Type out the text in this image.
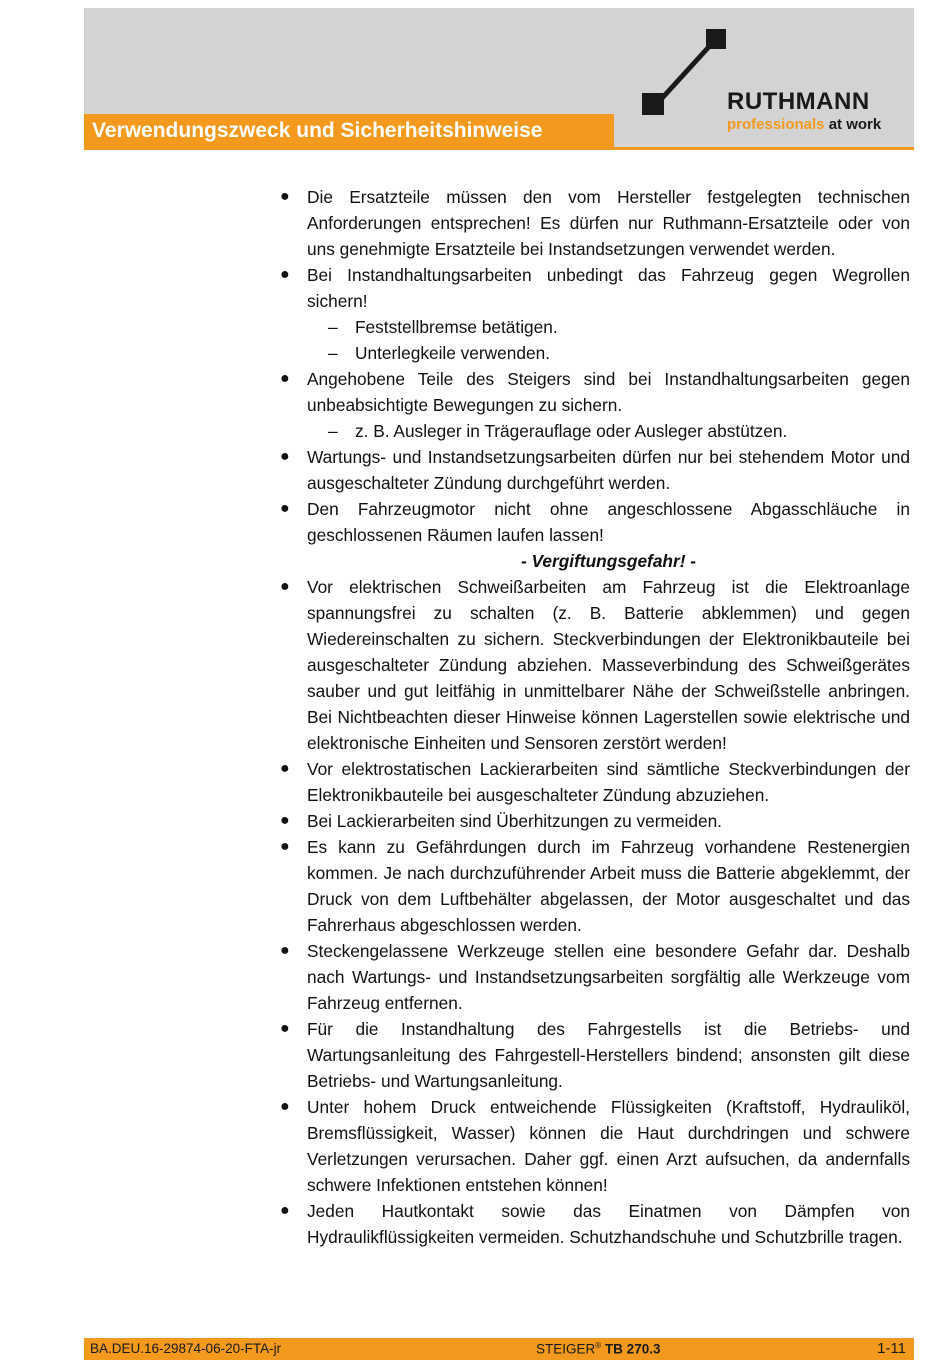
RUTHMANN
professionals at work
Verwendungszweck und Sicherheitshinweise
● Die Ersatzteile müssen den vom Hersteller festgelegten technischen Anforderungen entsprechen! Es dürfen nur Ruthmann-Ersatzteile oder von uns genehmigte Ersatzteile bei Instandsetzungen verwendet werden.
● Bei Instandhaltungsarbeiten unbedingt das Fahrzeug gegen Wegrollen sichern!
– Feststellbremse betätigen.
– Unterlegkeile verwenden.
● Angehobene Teile des Steigers sind bei Instandhaltungsarbeiten gegen unbeabsichtigte Bewegungen zu sichern.
– z. B. Ausleger in Trägerauflage oder Ausleger abstützen.
● Wartungs- und Instandsetzungsarbeiten dürfen nur bei stehendem Motor und ausgeschalteter Zündung durchgeführt werden.
● Den Fahrzeugmotor nicht ohne angeschlossene Abgasschläuche in geschlossenen Räumen laufen lassen!
- Vergiftungsgefahr! -
● Vor elektrischen Schweißarbeiten am Fahrzeug ist die Elektroanlage spannungsfrei zu schalten (z. B. Batterie abklemmen) und gegen Wiedereinschalten zu sichern. Steckverbindungen der Elektronikbauteile bei ausgeschalteter Zündung abziehen. Masseverbindung des Schweißgerätes sauber und gut leitfähig in unmittelbarer Nähe der Schweißstelle anbringen. Bei Nichtbeachten dieser Hinweise können Lagerstellen sowie elektrische und elektronische Einheiten und Sensoren zerstört werden!
● Vor elektrostatischen Lackierarbeiten sind sämtliche Steckverbindungen der Elektronikbauteile bei ausgeschalteter Zündung abzuziehen.
● Bei Lackierarbeiten sind Überhitzungen zu vermeiden.
● Es kann zu Gefährdungen durch im Fahrzeug vorhandene Restenergien kommen. Je nach durchzuführender Arbeit muss die Batterie abgeklemmt, der Druck von dem Luftbehälter abgelassen, der Motor ausgeschaltet und das Fahrerhaus abgeschlossen werden.
● Steckengelassene Werkzeuge stellen eine besondere Gefahr dar. Deshalb nach Wartungs- und Instandsetzungsarbeiten sorgfältig alle Werkzeuge vom Fahrzeug entfernen.
● Für die Instandhaltung des Fahrgestells ist die Betriebs- und Wartungsanleitung des Fahrgestell-Herstellers bindend; ansonsten gilt diese Betriebs- und Wartungsanleitung.
● Unter hohem Druck entweichende Flüssigkeiten (Kraftstoff, Hydrauliköl, Bremsflüssigkeit, Wasser) können die Haut durchdringen und schwere Verletzungen verursachen. Daher ggf. einen Arzt aufsuchen, da andernfalls schwere Infektionen entstehen können!
● Jeden Hautkontakt sowie das Einatmen von Dämpfen von Hydraulikflüssigkeiten vermeiden. Schutzhandschuhe und Schutzbrille tragen.
BA.DEU.16-29874-06-20-FTA-jr	STEIGER® TB 270.3	1-11
